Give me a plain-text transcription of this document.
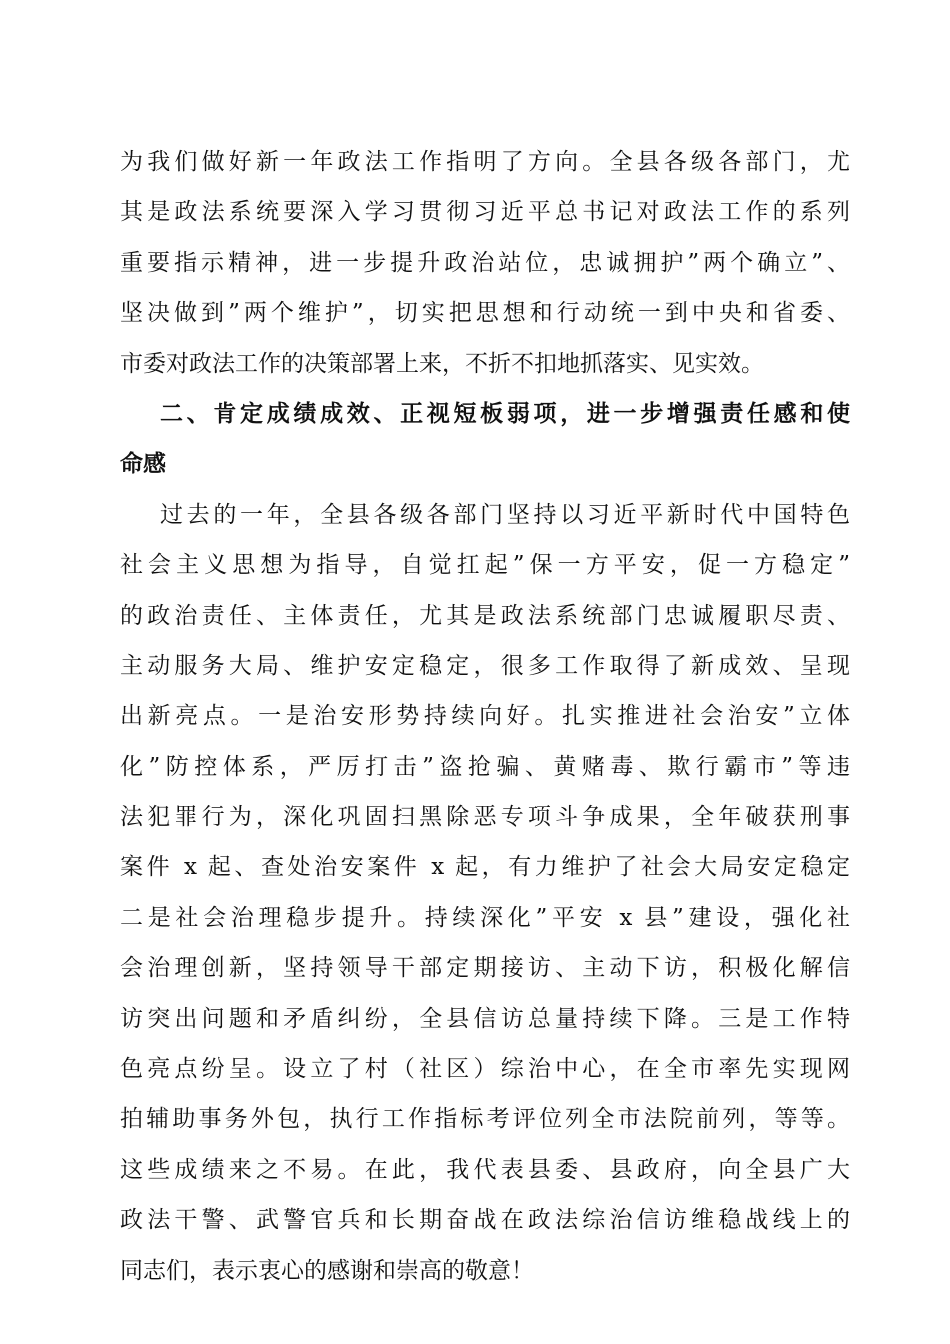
为我们做好新一年政法工作指明了方向。全县各级各部门，尤
其是政法系统要深入学习贯彻习近平总书记对政法工作的系列
重要指示精神，进一步提升政治站位，忠诚拥护”两个确立”、
坚决做到”两个维护”，切实把思想和行动统一到中央和省委、
市委对政法工作的决策部署上来，不折不扣地抓落实、见实效。
二、肯定成绩成效、正视短板弱项，进一步增强责任感和使
命感
过去的一年，全县各级各部门坚持以习近平新时代中国特色
社会主义思想为指导，自觉扛起”保一方平安，促一方稳定”
的政治责任、主体责任，尤其是政法系统部门忠诚履职尽责、
主动服务大局、维护安定稳定，很多工作取得了新成效、呈现
出新亮点。一是治安形势持续向好。扎实推进社会治安”立体
化”防控体系，严厉打击”盗抢骗、黄赌毒、欺行霸市”等违
法犯罪行为，深化巩固扫黑除恶专项斗争成果，全年破获刑事
案件 x 起、查处治安案件 x 起，有力维护了社会大局安定稳定
二是社会治理稳步提升。持续深化”平安 x 县”建设，强化社
会治理创新，坚持领导干部定期接访、主动下访，积极化解信
访突出问题和矛盾纠纷，全县信访总量持续下降。三是工作特
色亮点纷呈。设立了村（社区）综治中心，在全市率先实现网
拍辅助事务外包，执行工作指标考评位列全市法院前列，等等。
这些成绩来之不易。在此，我代表县委、县政府，向全县广大
政法干警、武警官兵和长期奋战在政法综治信访维稳战线上的
同志们，表示衷心的感谢和崇高的敬意！
